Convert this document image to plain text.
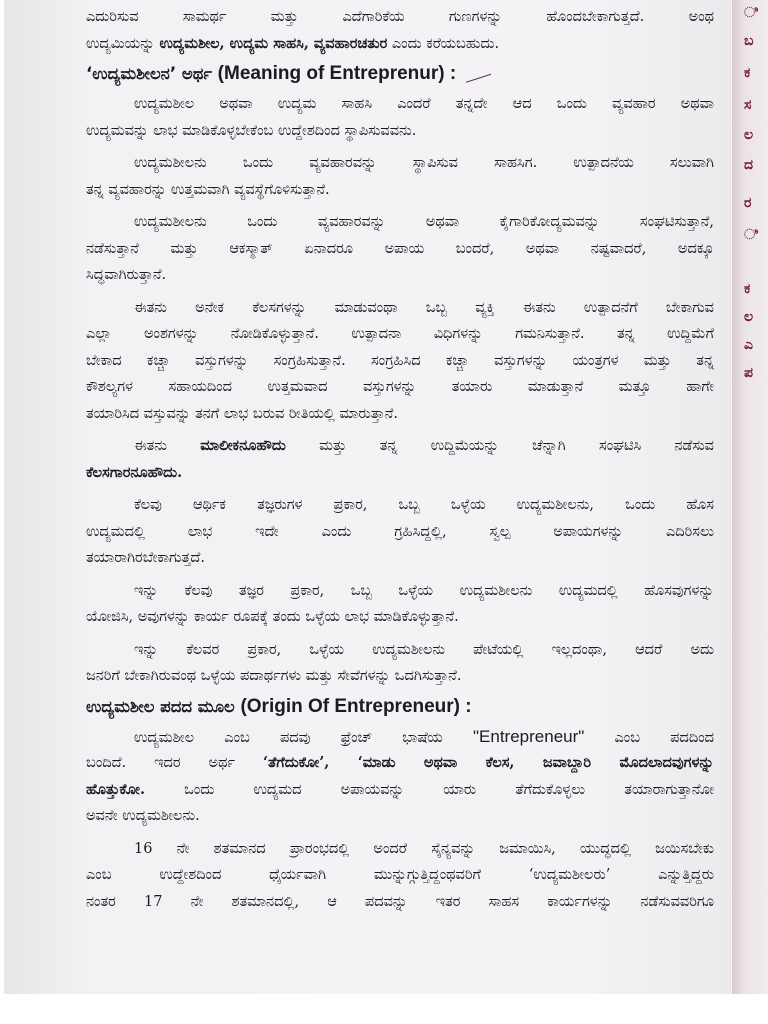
ಎದುರಿಸುವ ಸಾಮರ್ಥ ಮತ್ತು ಎದೆಗಾರಿಕೆಯ ಗುಣಗಳನ್ನು ಹೊಂದಬೇಕಾಗುತ್ತದೆ. ಅಂಥ
ಉದ್ಯಮಿಯನ್ನು ಉದ್ಯಮಶೀಲ, ಉದ್ಯಮ ಸಾಹಸಿ, ವ್ಯವಹಾರಚತುರ ಎಂದು ಕರೆಯಬಹುದು.
‘ಉದ್ಯಮಶೀಲನ’ ಅರ್ಥ (Meaning of Entreprenur) :
ಉದ್ಯಮಶೀಲ ಅಥವಾ ಉದ್ಯಮ ಸಾಹಸಿ ಎಂದರೆ ತನ್ನದೇ ಆದ ಒಂದು ವ್ಯವಹಾರ ಅಥವಾ
ಉದ್ಯಮವನ್ನು ಲಾಭ ಮಾಡಿಕೊಳ್ಳಬೇಕೆಂಬ ಉದ್ದೇಶದಿಂದ ಸ್ಥಾಪಿಸುವವನು.
ಉದ್ಯಮಶೀಲನು ಒಂದು ವ್ಯವಹಾರವನ್ನು ಸ್ಥಾಪಿಸುವ ಸಾಹಸಿಗ. ಉತ್ಪಾದನೆಯ ಸಲುವಾಗಿ
ತನ್ನ ವ್ಯವಹಾರನ್ನು ಉತ್ತಮವಾಗಿ ವ್ಯವಸ್ಥೆಗೊಳಿಸುತ್ತಾನೆ.
ಉದ್ಯಮಶೀಲನು ಒಂದು ವ್ಯವಹಾರವನ್ನು ಅಥವಾ ಕೈಗಾರಿಕೋದ್ಯಮವನ್ನು ಸಂಘಟಿಸುತ್ತಾನೆ,
ನಡೆಸುತ್ತಾನೆ ಮತ್ತು ಆಕಸ್ಮಾತ್ ಏನಾದರೂ ಅಪಾಯ ಬಂದರೆ, ಅಥವಾ ನಷ್ಟವಾದರೆ, ಅದಕ್ಕೂ
ಸಿದ್ಧವಾಗಿರುತ್ತಾನೆ.
ಈತನು ಅನೇಕ ಕೆಲಸಗಳನ್ನು ಮಾಡುವಂಥಾ ಒಬ್ಬ ವ್ಯಕ್ತಿ ಈತನು ಉತ್ಪಾದನೆಗೆ ಬೇಕಾಗುವ
ಎಲ್ಲಾ ಅಂಶಗಳನ್ನು ನೋಡಿಕೊಳ್ಳುತ್ತಾನೆ. ಉತ್ಪಾದನಾ ವಿಧಿಗಳನ್ನು ಗಮನಿಸುತ್ತಾನೆ. ತನ್ನ ಉದ್ದಿಮೆಗೆ
ಬೇಕಾದ ಕಚ್ಚಾ ವಸ್ತುಗಳನ್ನು ಸಂಗ್ರಹಿಸುತ್ತಾನೆ. ಸಂಗ್ರಹಿಸಿದ ಕಚ್ಚಾ ವಸ್ತುಗಳನ್ನು ಯಂತ್ರಗಳ ಮತ್ತು ತನ್ನ
ಕೌಶಲ್ಯಗಳ ಸಹಾಯದಿಂದ ಉತ್ತಮವಾದ ವಸ್ತುಗಳನ್ನು ತಯಾರು ಮಾಡುತ್ತಾನೆ ಮತ್ತೂ ಹಾಗೇ
ತಯಾರಿಸಿದ ವಸ್ತುವನ್ನು ತನಗೆ ಲಾಭ ಬರುವ ರೀತಿಯಲ್ಲಿ ಮಾರುತ್ತಾನೆ.
ಈತನು ಮಾಲೀಕನೂಹೌದು ಮತ್ತು ತನ್ನ ಉದ್ದಿಮೆಯನ್ನು ಚೆನ್ನಾಗಿ ಸಂಘಟಿಸಿ ನಡೆಸುವ
ಕೆಲಸಗಾರನೂಹೌದು.
ಕೆಲವು ಆರ್ಥಿಕ ತಜ್ಞರುಗಳ ಪ್ರಕಾರ, ಒಬ್ಬ ಒಳ್ಳೆಯ ಉದ್ಯಮಶೀಲನು, ಒಂದು ಹೊಸ
ಉದ್ಯಮದಲ್ಲಿ ಲಾಭ ಇದೇ ಎಂದು ಗ್ರಹಿಸಿದ್ದಲ್ಲಿ, ಸ್ವಲ್ಪ ಅಪಾಯಗಳನ್ನು ಎದಿರಿಸಲು
ತಯಾರಾಗಿರಬೇಕಾಗುತ್ತದೆ.
ಇನ್ನು ಕೆಲವು ತಜ್ಞರ ಪ್ರಕಾರ, ಒಬ್ಬ ಒಳ್ಳೆಯ ಉದ್ಯಮಶೀಲನು ಉದ್ಯಮದಲ್ಲಿ ಹೊಸವುಗಳನ್ನು
ಯೋಜಿಸಿ, ಅವುಗಳನ್ನು ಕಾರ್ಯ ರೂಪಕ್ಕೆ ತಂದು ಒಳ್ಳೆಯ ಲಾಭ ಮಾಡಿಕೊಳ್ಳುತ್ತಾನೆ.
ಇನ್ನು ಕೆಲವರ ಪ್ರಕಾರ, ಒಳ್ಳೆಯ ಉದ್ಯಮಶೀಲನು ಪೇಟೆಯಲ್ಲಿ ಇಲ್ಲದಂಥಾ, ಆದರೆ ಅದು
ಜನರಿಗೆ ಬೇಕಾಗಿರುವಂಥ ಒಳ್ಳೆಯ ಪದಾರ್ಥಗಳು ಮತ್ತು ಸೇವೆಗಳನ್ನು ಒದಗಿಸುತ್ತಾನೆ.
ಉದ್ಯಮಶೀಲ ಪದದ ಮೂಲ (Origin Of Entrepreneur) :
ಉದ್ಯಮಶೀಲ ಎಂಬ ಪದವು ಫ್ರೆಂಚ್ ಭಾಷೆಯ "Entrepreneur" ಎಂಬ ಪದದಿಂದ
ಬಂದಿದೆ. ಇದರ ಅರ್ಥ ‘ತೆಗೆದುಕೋ’, ‘ಮಾಡು ಅಥವಾ ಕೆಲಸ, ಜವಾಬ್ದಾರಿ ಮೊದಲಾದವುಗಳನ್ನು
ಹೊತ್ತುಕೋ. ಒಂದು ಉದ್ಯಮದ ಅಪಾಯವನ್ನು ಯಾರು ತೆಗೆದುಕೊಳ್ಳಲು ತಯಾರಾಗುತ್ತಾನೋ
ಅವನೇ ಉದ್ಯಮಶೀಲನು.
16 ನೇ ಶತಮಾನದ ಪ್ರಾರಂಭದಲ್ಲಿ ಅಂದರೆ ಸೈನ್ಯವನ್ನು ಜಮಾಯಿಸಿ, ಯುದ್ಧದಲ್ಲಿ ಜಯಿಸಬೇಕು
ಎಂಬ ಉದ್ದೇಶದಿಂದ ಧೈರ್ಯವಾಗಿ ಮುನ್ನುಗ್ಗುತ್ತಿದ್ದಂಥವರಿಗೆ ‘ಉದ್ಯಮಶೀಲರು’ ಎನ್ನುತ್ತಿದ್ದರು
ನಂತರ 17 ನೇ ಶತಮಾನದಲ್ಲಿ, ಆ ಪದವನ್ನು ಇತರ ಸಾಹಸ ಕಾರ್ಯಗಳನ್ನು ನಡೆಸುವವರಿಗೂ
ಿ
ಬ
ಕ
ಸ
ಲ
ದ
ರ
ಿ
ಕ
ಲ
ಎ
ಪ
